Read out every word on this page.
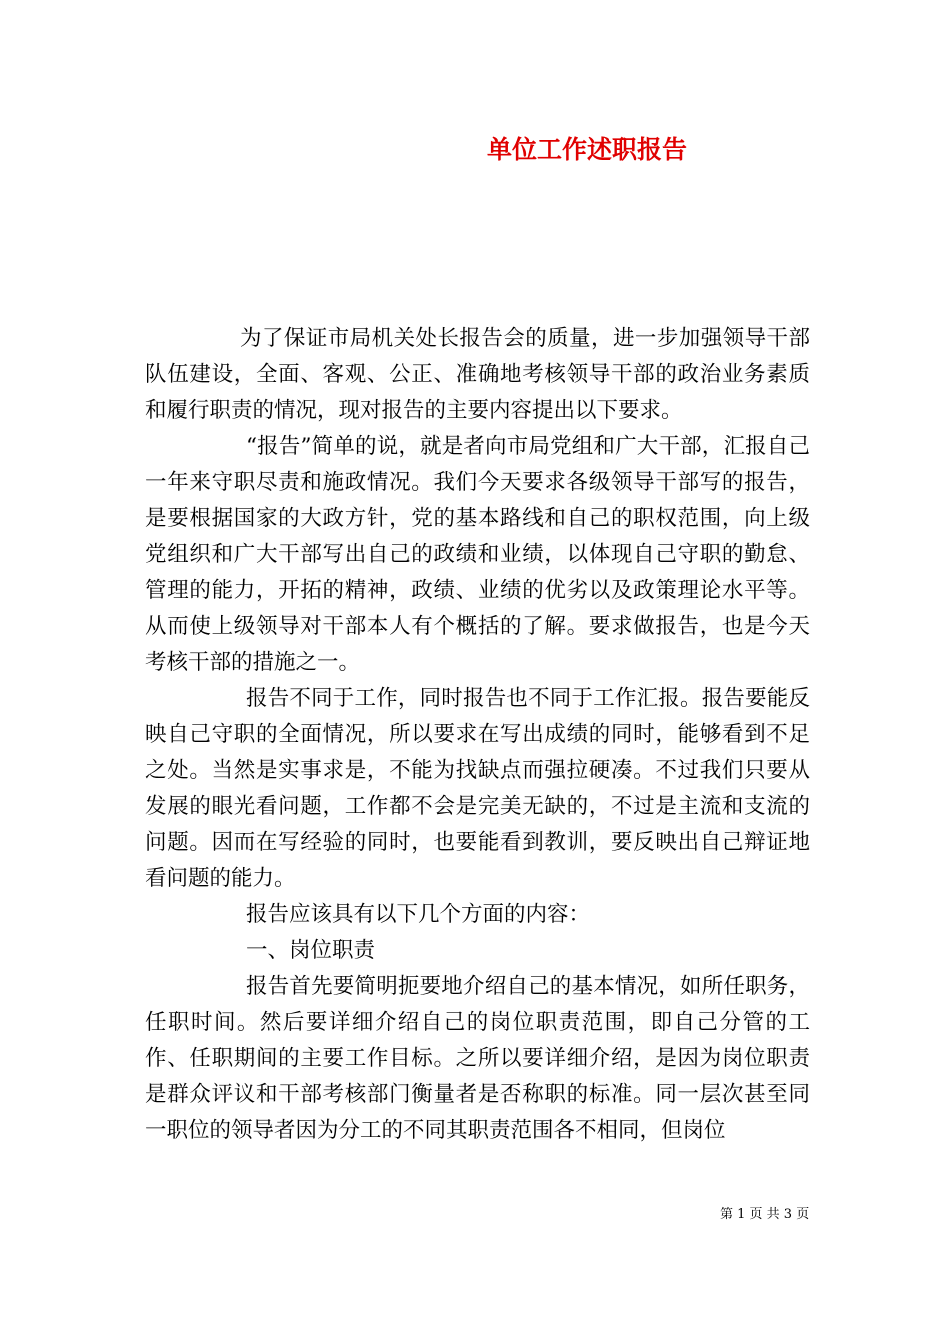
单位工作述职报告

为了保证市局机关处长报告会的质量，进一步加强领导干部队伍建设，全面、客观、公正、准确地考核领导干部的政治业务素质和履行职责的情况，现对报告的主要内容提出以下要求。

“报告”简单的说，就是者向市局党组和广大干部，汇报自己一年来守职尽责和施政情况。我们今天要求各级领导干部写的报告，是要根据国家的大政方针，党的基本路线和自己的职权范围，向上级党组织和广大干部写出自己的政绩和业绩，以体现自己守职的勤怠、管理的能力，开拓的精神，政绩、业绩的优劣以及政策理论水平等。从而使上级领导对干部本人有个概括的了解。要求做报告，也是今天考核干部的措施之一。

报告不同于工作，同时报告也不同于工作汇报。报告要能反映自己守职的全面情况，所以要求在写出成绩的同时，能够看到不足之处。当然是实事求是，不能为找缺点而强拉硬凑。不过我们只要从发展的眼光看问题，工作都不会是完美无缺的，不过是主流和支流的问题。因而在写经验的同时，也要能看到教训，要反映出自己辩证地看问题的能力。

报告应该具有以下几个方面的内容：

一、岗位职责

报告首先要简明扼要地介绍自己的基本情况，如所任职务，任职时间。然后要详细介绍自己的岗位职责范围，即自己分管的工作、任职期间的主要工作目标。之所以要详细介绍，是因为岗位职责是群众评议和干部考核部门衡量者是否称职的标准。同一层次甚至同一职位的领导者因为分工的不同其职责范围各不相同，但岗位

第 1 页 共 3 页
